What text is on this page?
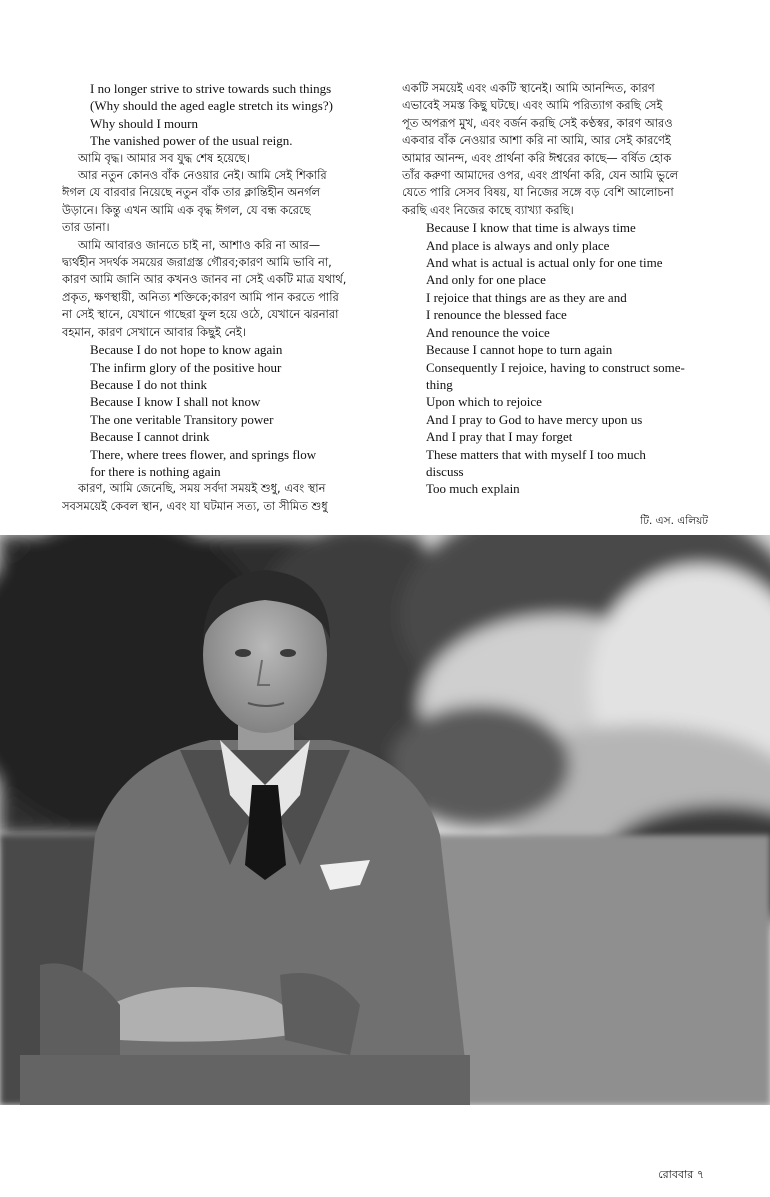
I no longer strive to strive towards such things
(Why should the aged eagle stretch its wings?)
Why should I mourn
The vanished power of the usual reign.
আমি বৃদ্ধ। আমার সব যুদ্ধ শেষ হয়েছে।
আর নতুন কোনও বাঁক নেওয়ার নেই। আমি সেই শিকারি
ঈগল যে বারবার নিয়েছে নতুন বাঁক তার ক্লান্তিহীন অনর্গল
উড়ানে। কিন্তু এখন আমি এক বৃদ্ধ ঈগল, যে বন্ধ করেছে
তার ডানা।
আমি আবারও জানতে চাই না, আশাও করি না আর—
দ্ব্যর্থহীন সদর্থক সময়ের জরাগ্রস্ত গৌরব;কারণ আমি ভাবি না,
কারণ আমি জানি আর কখনও জানব না সেই একটি মাত্র যথার্থ,
প্রকৃত, ক্ষণস্থায়ী, অনিত্য শক্তিকে;কারণ আমি পান করতে পারি
না সেই স্থানে, যেখানে গাছেরা ফুল হয়ে ওঠে, যেখানে ঝরনারা
বহমান, কারণ সেখানে আবার কিছুই নেই।
Because I do not hope to know again
The infirm glory of the positive hour
Because I do not think
Because I know I shall not know
The one veritable Transitory power
Because I cannot drink
There, where trees flower, and springs flow
for there is nothing again
কারণ, আমি জেনেছি, সময় সর্বদা সময়ই শুধু, এবং স্থান
সবসময়েই কেবল স্থান, এবং যা ঘটমান সত্য, তা সীমিত শুধু
একটি সময়েই এবং একটি স্থানেই। আমি আনন্দিত, কারণ
এভাবেই সমস্ত কিছু ঘটছে। এবং আমি পরিত্যাগ করছি সেই
পূত অপরূপ মুখ, এবং বর্জন করছি সেই কণ্ঠস্বর, কারণ আরও
একবার বাঁক নেওয়ার আশা করি না আমি, আর সেই কারণেই
আমার আনন্দ, এবং প্রার্থনা করি ঈশ্বরের কাছে— বর্ষিত হোক
তাঁর করুণা আমাদের ওপর, এবং প্রার্থনা করি, যেন আমি ভুলে
যেতে পারি সেসব বিষয়, যা নিজের সঙ্গে বড় বেশি আলোচনা
করছি এবং নিজের কাছে ব্যাখ্যা করছি।
Because I know that time is always time
And place is always and only place
And what is actual is actual only for one time
And only for one place
I rejoice that things are as they are and
I renounce the blessed face
And renounce the voice
Because I cannot hope to turn again
Consequently I rejoice, having to construct some-
thing
Upon which to rejoice
And I pray to God to have mercy upon us
And I pray that I may forget
These matters that with myself I too much
discuss
Too much explain
টি. এস. এলিয়ট
রোববার ৭
